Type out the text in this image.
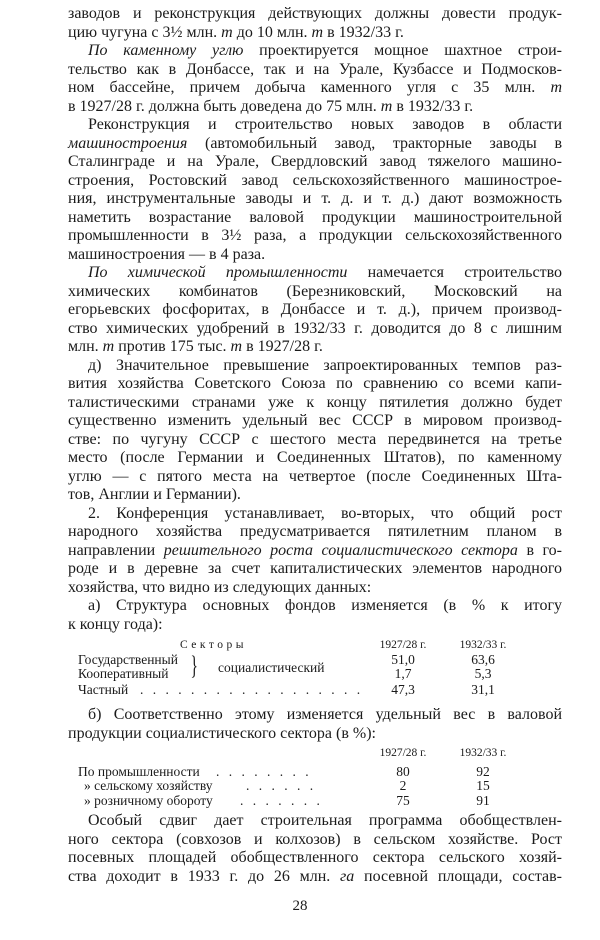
заводов и реконструкция действующих должны довести продук-
цию чугуна с 3½ млн. т до 10 млн. т в 1932/33 г.
По каменному углю проектируется мощное шахтное строи-
тельство как в Донбассе, так и на Урале, Кузбассе и Подмосков-
ном бассейне, причем добыча каменного угля с 35 млн. т
в 1927/28 г. должна быть доведена до 75 млн. т в 1932/33 г.
Реконструкция и строительство новых заводов в области
машиностроения (автомобильный завод, тракторные заводы в
Сталинграде и на Урале, Свердловский завод тяжелого машино-
строения, Ростовский завод сельскохозяйственного машинострое-
ния, инструментальные заводы и т. д. и т. д.) дают возможность
наметить возрастание валовой продукции машиностроительной
промышленности в 3½ раза, а продукции сельскохозяйственного
машиностроения — в 4 раза.
По химической промышленности намечается строительство
химических комбинатов (Березниковский, Московский на
егорьевских фосфоритах, в Донбассе и т. д.), причем производ-
ство химических удобрений в 1932/33 г. доводится до 8 с лишним
млн. т против 175 тыс. т в 1927/28 г.
д) Значительное превышение запроектированных темпов раз-
вития хозяйства Советского Союза по сравнению со всеми капи-
талистическими странами уже к концу пятилетия должно будет
существенно изменить удельный вес СССР в мировом производ-
стве: по чугуну СССР с шестого места передвинется на третье
место (после Германии и Соединенных Штатов), по каменному
углю — с пятого места на четвертое (после Соединенных Шта-
тов, Англии и Германии).
2. Конференция устанавливает, во-вторых, что общий рост
народного хозяйства предусматривается пятилетним планом в
направлении решительного роста социалистического сектора в го-
роде и в деревне за счет капиталистических элементов народного
хозяйства, что видно из следующих данных:
а) Структура основных фондов изменяется (в % к итогу
к концу года):
Секторы	1927/28 г.	1932/33 г.
} социалистический
Государственный	51,0	63,6
Кооперативный	1,7	5,3
Частный . . . . . . . . . . . . . . . . . .	47,3	31,1
б) Соответственно этому изменяется удельный вес в валовой
продукции социалистического сектора (в %):
1927/28 г.	1932/33 г.
По промышленности . . . . . . . .	80	92
» сельскому хозяйству . . . . . .	2	15
» розничному обороту . . . . . . .	75	91
Особый сдвиг дает строительная программа обобществлен-
ного сектора (совхозов и колхозов) в сельском хозяйстве. Рост
посевных площадей обобществленного сектора сельского хозяй-
ства доходит в 1933 г. до 26 млн. га посевной площади, состав-
28
